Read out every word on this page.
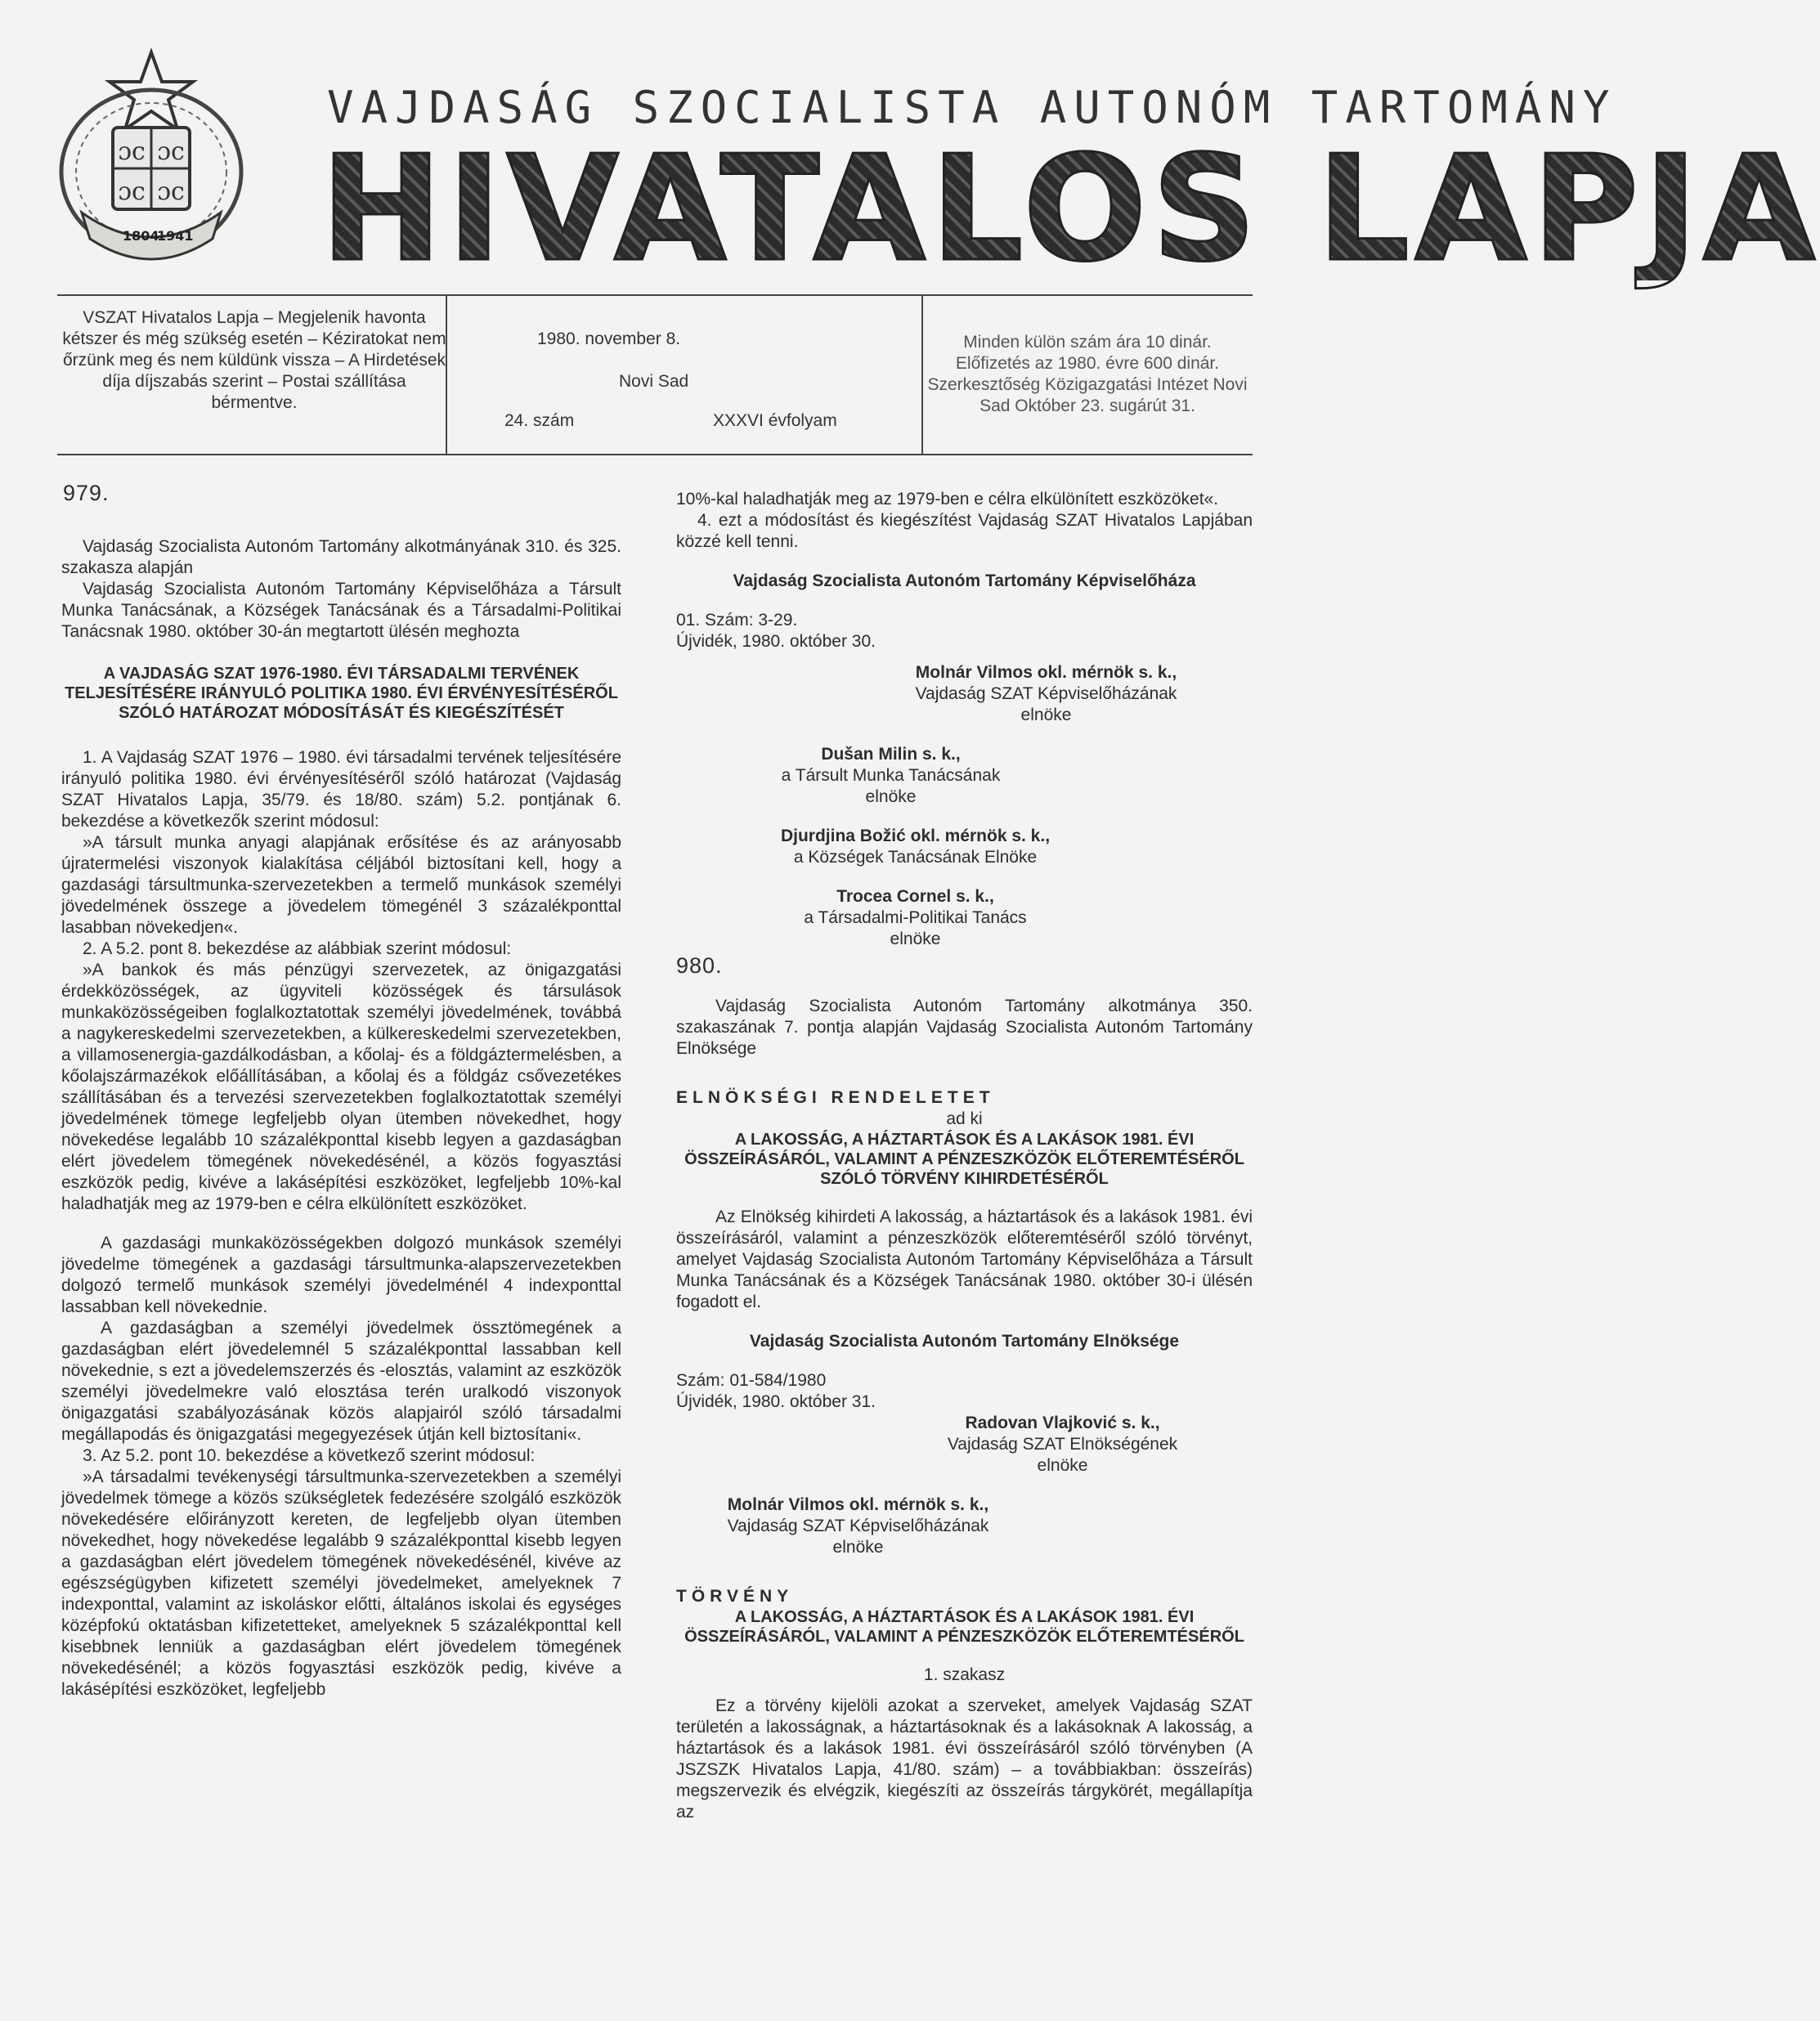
ɔc ɔc
ɔc ɔc
1804
1941
VAJDASÁG SZOCIALISTA AUTONÓM TARTOMÁNY
HIVATALOS LAPJA
VSZAT Hivatalos Lapja – Megjelenik havonta kétszer és még szükség esetén – Kéziratokat nem őrzünk meg és nem küldünk vissza – A Hirdetések díja díjszabás szerint – Postai szállítása bérmentve.
1980. november 8.
Novi Sad
24. szám	XXXVI évfolyam
Minden külön szám ára 10 dinár. Előfizetés az 1980. évre 600 dinár. Szerkesztőség Közigazgatási Intézet Novi Sad Október 23. sugárút 31.
979.

Vajdaság Szocialista Autonóm Tartomány alkotmányának 310. és 325. szakasza alapján

Vajdaság Szocialista Autonóm Tartomány Képviselőháza a Társult Munka Tanácsának, a Községek Tanácsának és a Társadalmi-Politikai Tanácsnak 1980. október 30-án megtartott ülésén meghozta

A VAJDASÁG SZAT 1976-1980. ÉVI TÁRSADALMI TERVÉNEK TELJESÍTÉSÉRE IRÁNYULÓ POLITIKA 1980. ÉVI ÉRVÉNYESÍTÉSÉRŐL SZÓLÓ HATÁROZAT MÓDOSÍTÁSÁT ÉS KIEGÉSZÍTÉSÉT

1. A Vajdaság SZAT 1976 – 1980. évi társadalmi tervének teljesítésére irányuló politika 1980. évi érvényesítéséről szóló határozat (Vajdaság SZAT Hivatalos Lapja, 35/79. és 18/80. szám) 5.2. pontjának 6. bekezdése a következők szerint módosul:

»A társult munka anyagi alapjának erősítése és az arányosabb újratermelési viszonyok kialakítása céljából biztosítani kell, hogy a gazdasági társultmunka-szervezetekben a termelő munkások személyi jövedelmének összege a jövedelem tömegénél 3 százalékponttal lasabban növekedjen«.

2. A 5.2. pont 8. bekezdése az alábbiak szerint módosul:

»A bankok és más pénzügyi szervezetek, az önigazgatási érdekközösségek, az ügyviteli közösségek és társulások munkaközösségeiben foglalkoztatottak személyi jövedelmének, továbbá a nagykereskedelmi szervezetekben, a külkereskedelmi szervezetekben, a villamosenergia-gazdálkodásban, a kőolaj- és a földgáztermelésben, a kőolajszármazékok előállításában, a kőolaj és a földgáz csővezetékes szállításában és a tervezési szervezetekben foglalkoztatottak személyi jövedelmének tömege legfeljebb olyan ütemben növekedhet, hogy növekedése legalább 10 százalékponttal kisebb legyen a gazdaságban elért jövedelem tömegének növekedésénél, a közös fogyasztási eszközök pedig, kivéve a lakásépítési eszközöket, legfeljebb 10%-kal haladhatják meg az 1979-ben e célra elkülönített eszközöket.

A gazdasági munkaközösségekben dolgozó munkások személyi jövedelme tömegének a gazdasági társultmunka-alapszervezetekben dolgozó termelő munkások személyi jövedelménél 4 indexponttal lassabban kell növekednie.

A gazdaságban a személyi jövedelmek össztömegének a gazdaságban elért jövedelemnél 5 százalékponttal lassabban kell növekednie, s ezt a jövedelemszerzés és -elosztás, valamint az eszközök személyi jövedelmekre való elosztása terén uralkodó viszonyok önigazgatási szabályozásának közös alapjairól szóló társadalmi megállapodás és önigazgatási megegyezések útján kell biztosítani«.

3. Az 5.2. pont 10. bekezdése a következő szerint módosul:

»A társadalmi tevékenységi társultmunka-szervezetekben a személyi jövedelmek tömege a közös szükségletek fedezésére szolgáló eszközök növekedésére előirányzott kereten, de legfeljebb olyan ütemben növekedhet, hogy növekedése legalább 9 százalékponttal kisebb legyen a gazdaságban elért jövedelem tömegének növekedésénél, kivéve az egészségügyben kifizetett személyi jövedelmeket, amelyeknek 7 indexponttal, valamint az iskoláskor előtti, általános iskolai és egységes középfokú oktatásban kifizetetteket, amelyeknek 5 százalékponttal kell kisebbnek lenniük a gazdaságban elért jövedelem tömegének növekedésénél; a közös fogyasztási eszközök pedig, kivéve a lakásépítési eszközöket, legfeljebb

10%-kal haladhatják meg az 1979-ben e célra elkülönített eszközöket«.

4. ezt a módosítást és kiegészítést Vajdaság SZAT Hivatalos Lapjában közzé kell tenni.

Vajdaság Szocialista Autonóm Tartomány Képviselőháza

01. Szám: 3-29.

Újvidék, 1980. október 30.

Molnár Vilmos okl. mérnök s. k.,

Vajdaság SZAT Képviselőházának

elnöke

Dušan Milin s. k.,

a Társult Munka Tanácsának

elnöke

Djurdjina Božić okl. mérnök s. k.,

a Községek Tanácsának Elnöke

Trocea Cornel s. k.,

a Társadalmi-Politikai Tanács

elnöke

980.

Vajdaság Szocialista Autonóm Tartomány alkotmánya 350. szakaszának 7. pontja alapján Vajdaság Szocialista Autonóm Tartomány Elnöksége

ELNÖKSÉGI RENDELETET

ad ki

A LAKOSSÁG, A HÁZTARTÁSOK ÉS A LAKÁSOK 1981. ÉVI ÖSSZEÍRÁSÁRÓL, VALAMINT A PÉNZESZKÖZÖK ELŐTEREMTÉSÉRŐL SZÓLÓ TÖRVÉNY KIHIRDETÉSÉRŐL

Az Elnökség kihirdeti A lakosság, a háztartások és a lakások 1981. évi összeírásáról, valamint a pénzeszközök előteremtéséről szóló törvényt, amelyet Vajdaság Szocialista Autonóm Tartomány Képviselőháza a Társult Munka Tanácsának és a Községek Tanácsának 1980. október 30-i ülésén fogadott el.

Vajdaság Szocialista Autonóm Tartomány Elnöksége

Szám: 01-584/1980

Újvidék, 1980. október 31.

Radovan Vlajković s. k.,

Vajdaság SZAT Elnökségének

elnöke

Molnár Vilmos okl. mérnök s. k.,

Vajdaság SZAT Képviselőházának

elnöke

TÖRVÉNY

A LAKOSSÁG, A HÁZTARTÁSOK ÉS A LAKÁSOK 1981. ÉVI ÖSSZEÍRÁSÁRÓL, VALAMINT A PÉNZESZKÖZÖK ELŐTEREMTÉSÉRŐL

1. szakasz

Ez a törvény kijelöli azokat a szerveket, amelyek Vajdaság SZAT területén a lakosságnak, a háztartásoknak és a lakásoknak A lakosság, a háztartások és a lakások 1981. évi összeírásáról szóló törvényben (A JSZSZK Hivatalos Lapja, 41/80. szám) – a továbbiakban: összeírás) megszervezik és elvégzik, kiegészíti az összeírás tárgykörét, megállapítja az
